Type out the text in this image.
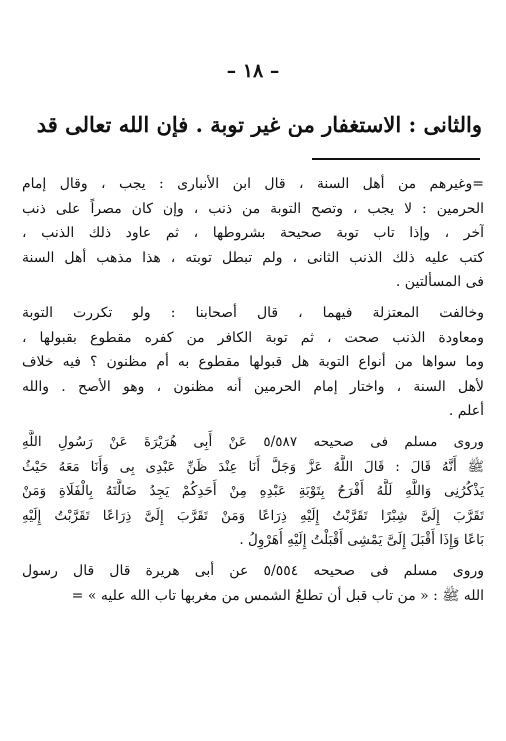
– ١٨ –
والثانى : الاستغفار من غير توبة . فإن الله تعالى قد
=وغيرهم من أهل السنة ، قال ابن الأنبارى : يجب ، وقال إمام
الحرمين : لا يجب ، وتصح التوبة من ذنب ، وإن كان مصراً على ذنب
آخر ، وإذا تاب توبة صحيحة بشروطها ، ثم عاود ذلك الذنب ،
كتب عليه ذلك الذنب الثانى ، ولم تبطل توبته ، هذا مذهب أهل السنة
فى المسألتين .
وخالفت المعتزلة فيهما ، قال أصحابنا : ولو تكررت التوبة
ومعاودة الذنب صحت ، ثم توبة الكافر من كفره مقطوع بقبولها ،
وما سواها من أنواع التوبة هل قبولها مقطوع به أم مظنون ؟ فيه خلاف
لأهل السنة ، واختار إمام الحرمين أنه مظنون ، وهو الأصح . والله
أعلم .
وروى مسلم فى صحيحه ٥/٥٨٧ عَنْ أَبِى هُرَيْرَةَ عَنْ رَسُولِ اللَّهِ
ﷺ أَنَّهُ قَالَ : قَالَ اللَّهُ عَزَّ وَجَلَّ أَنَا عِنْدَ ظَنِّ عَبْدِى بِى وَأَنَا مَعَهُ حَيْثُ
يَذْكُرُنِى وَاللَّهِ لَلَّهُ أَفْرَحُ بِتَوْبَةِ عَبْدِهِ مِنْ أَحَدِكُمْ يَجِدُ ضَالَّتَهُ بِالْفَلَاةِ وَمَنْ
تَقَرَّبَ إِلَىَّ شِبْرًا تَقَرَّبْتُ إِلَيْهِ ذِرَاعًا وَمَنْ تَقَرَّبَ إِلَىَّ ذِرَاعًا تَقَرَّبْتُ إِلَيْهِ
بَاعًا وَإِذَا أَقْبَلَ إِلَىَّ يَمْشِى أَقْبَلْتُ إِلَيْهِ أُهَرْوِلُ .
وروى مسلم فى صحيحه ٥/٥٥٤ عن أبى هريرة قال قال رسول
الله ﷺ : « من تاب قبل أن تطلعُ الشمس من مغربها تاب الله عليه » =
